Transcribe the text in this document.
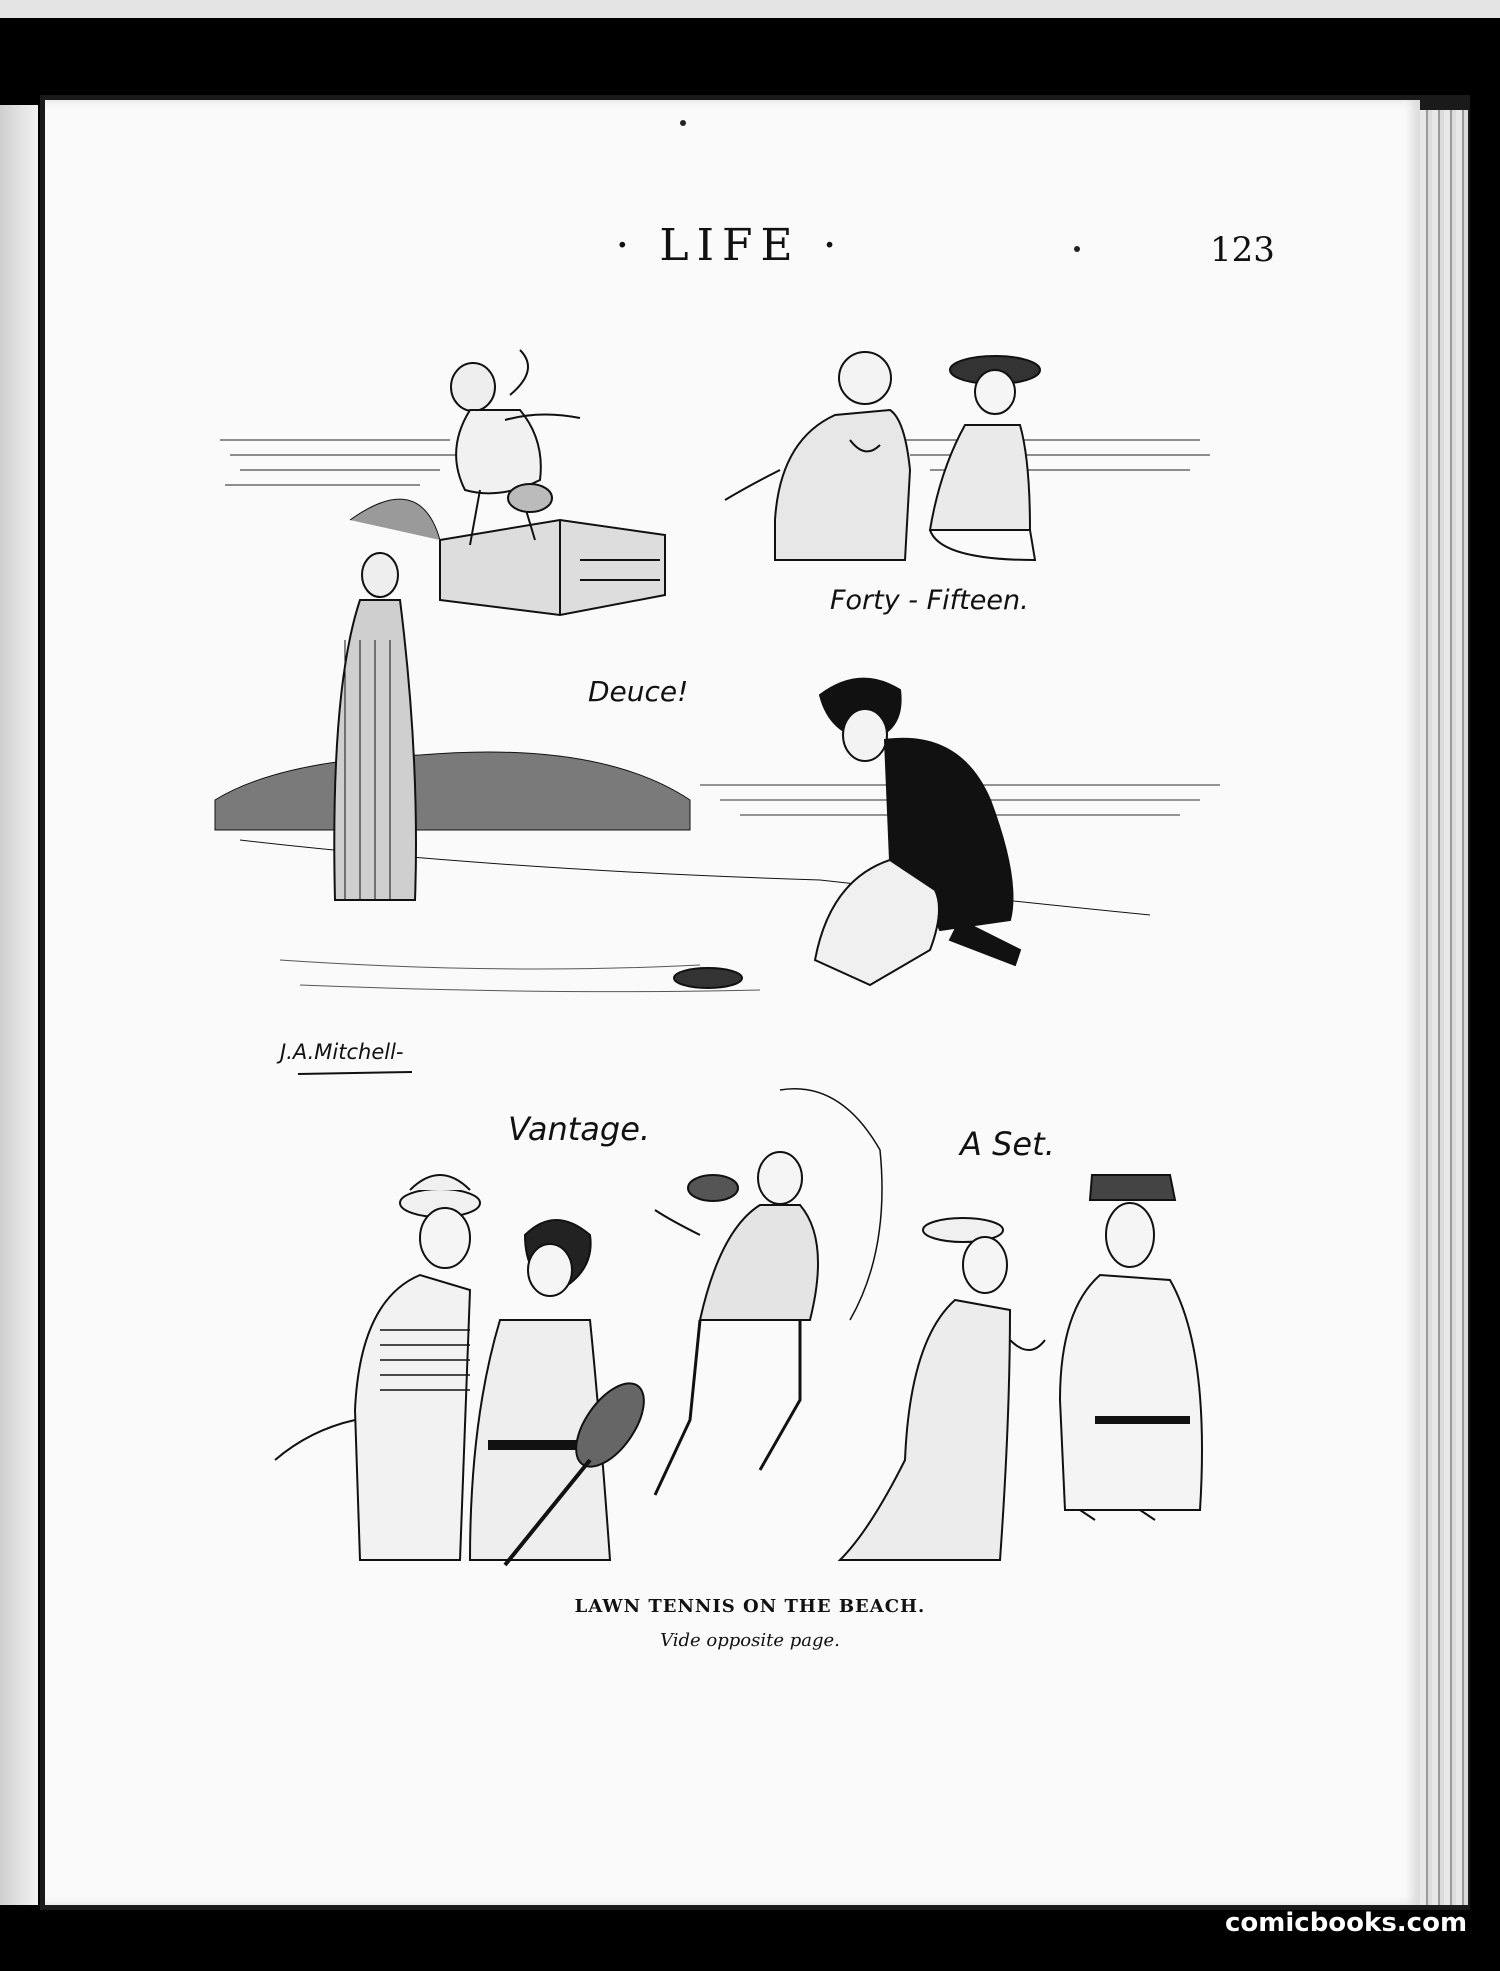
· LIFE ·	123
Forty - Fifteen.
Deuce!
Vantage.	A Set.
J.A.Mitchell-
LAWN TENNIS ON THE BEACH.
Vide opposite page.
comicbooks.com
